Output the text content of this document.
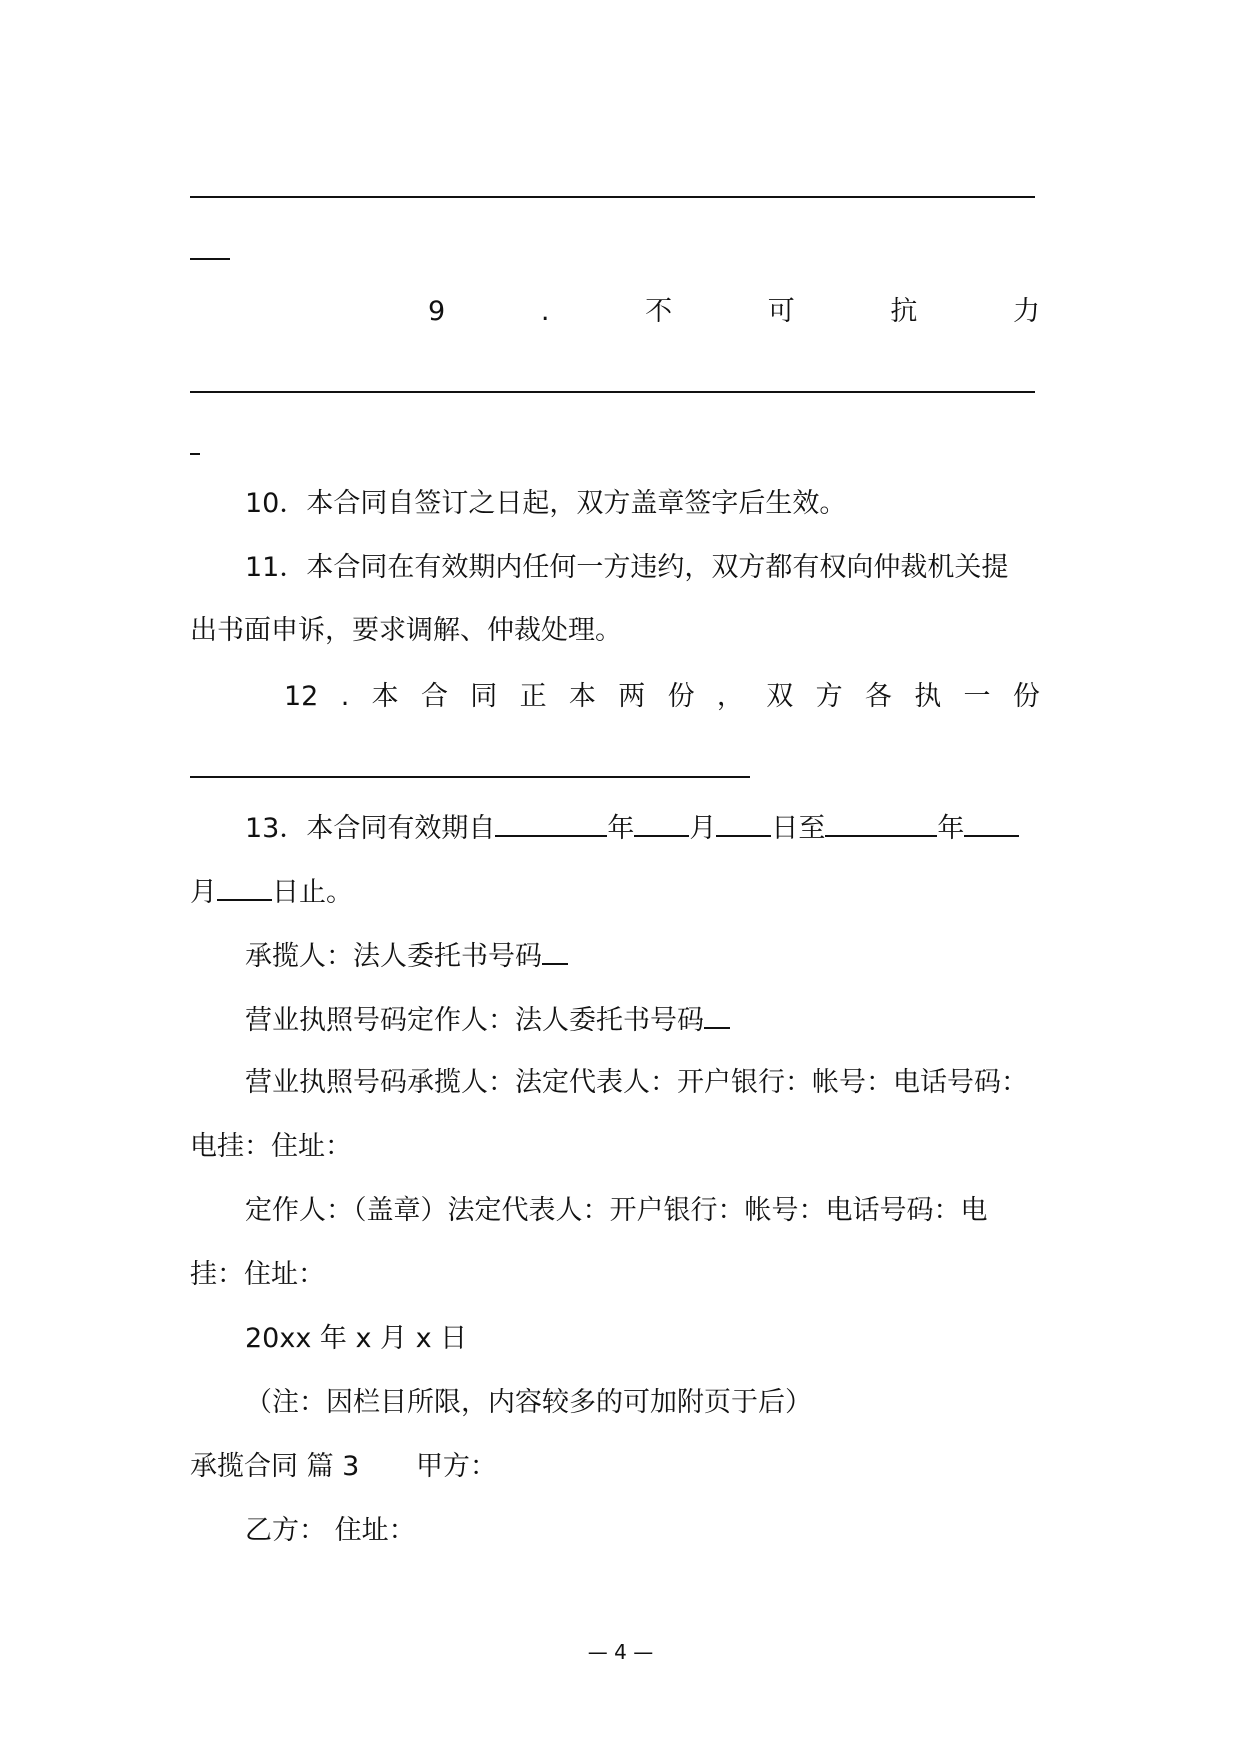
9	.	不	可	抗	力
10．本合同自签订之日起，双方盖章签字后生效。
11．本合同在有效期内任何一方违约，双方都有权向仲裁机关提
出书面申诉，要求调解、仲裁处理。
12 . 本 合 同 正 本 两 份 ， 双 方 各 执 一 份
13．本合同有效期自	年 月 日至	年
月 日止。
承揽人：法人委托书号码
营业执照号码定作人：法人委托书号码
营业执照号码承揽人：法定代表人：开户银行：帐号：电话号码：
电挂：住址：
定作人：（盖章）法定代表人：开户银行：帐号：电话号码：电
挂：住址：
20xx 年 x 月 x 日
（注：因栏目所限，内容较多的可加附页于后）
承揽合同 篇 3 甲方：
乙方： 住址：
— 4 —
